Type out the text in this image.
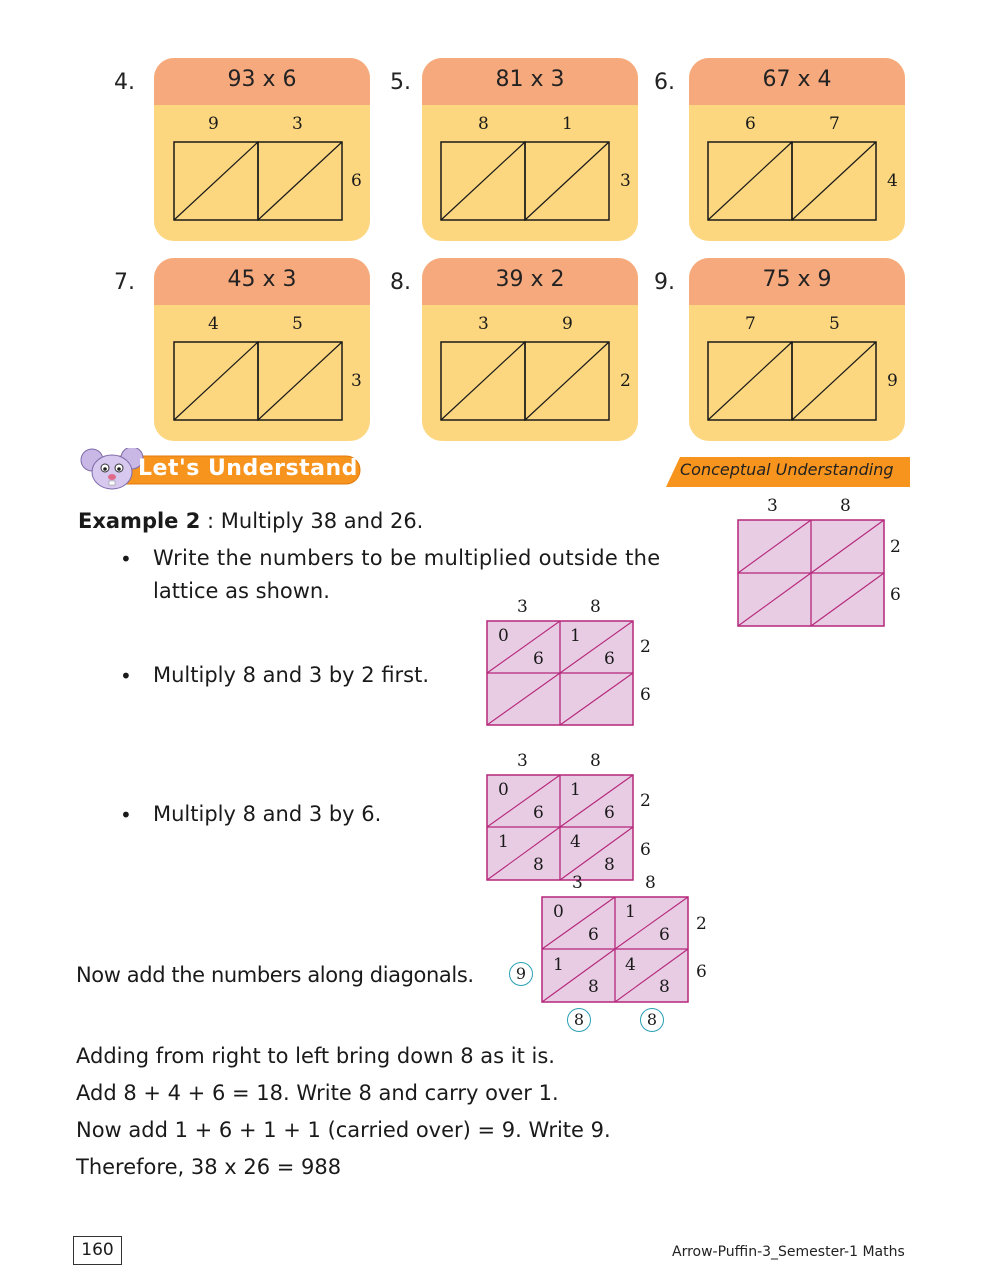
4.	93 x 6
9	3
6
5.	81 x 3
8	1
3
6.	67 x 4
6	7
4
7.	45 x 3
4	5
3
8.	39 x 2
3	9
2
9.	75 x 9
7	5
9
Let's Understand	Conceptual Understanding
Example 2 : Multiply 38 and 26.
• Write the numbers to be multiplied outside the
lattice as shown.
• Multiply 8 and 3 by 2 first.
• Multiply 8 and 3 by 6.
Now add the numbers along diagonals.
3	8
2
6
3	8
2
6
0
6
1
6
3	8
2
6
0
6
1
6
1
8
4
8
3	8
2
6
0
6
1
6
1
8
4
8
9
8	8
Adding from right to left bring down 8 as it is.
Add 8 + 4 + 6 = 18. Write 8 and carry over 1.
Now add 1 + 6 + 1 + 1 (carried over) = 9. Write 9.
Therefore, 38 x 26 = 988
160	Arrow-Puffin-3_Semester-1 Maths
